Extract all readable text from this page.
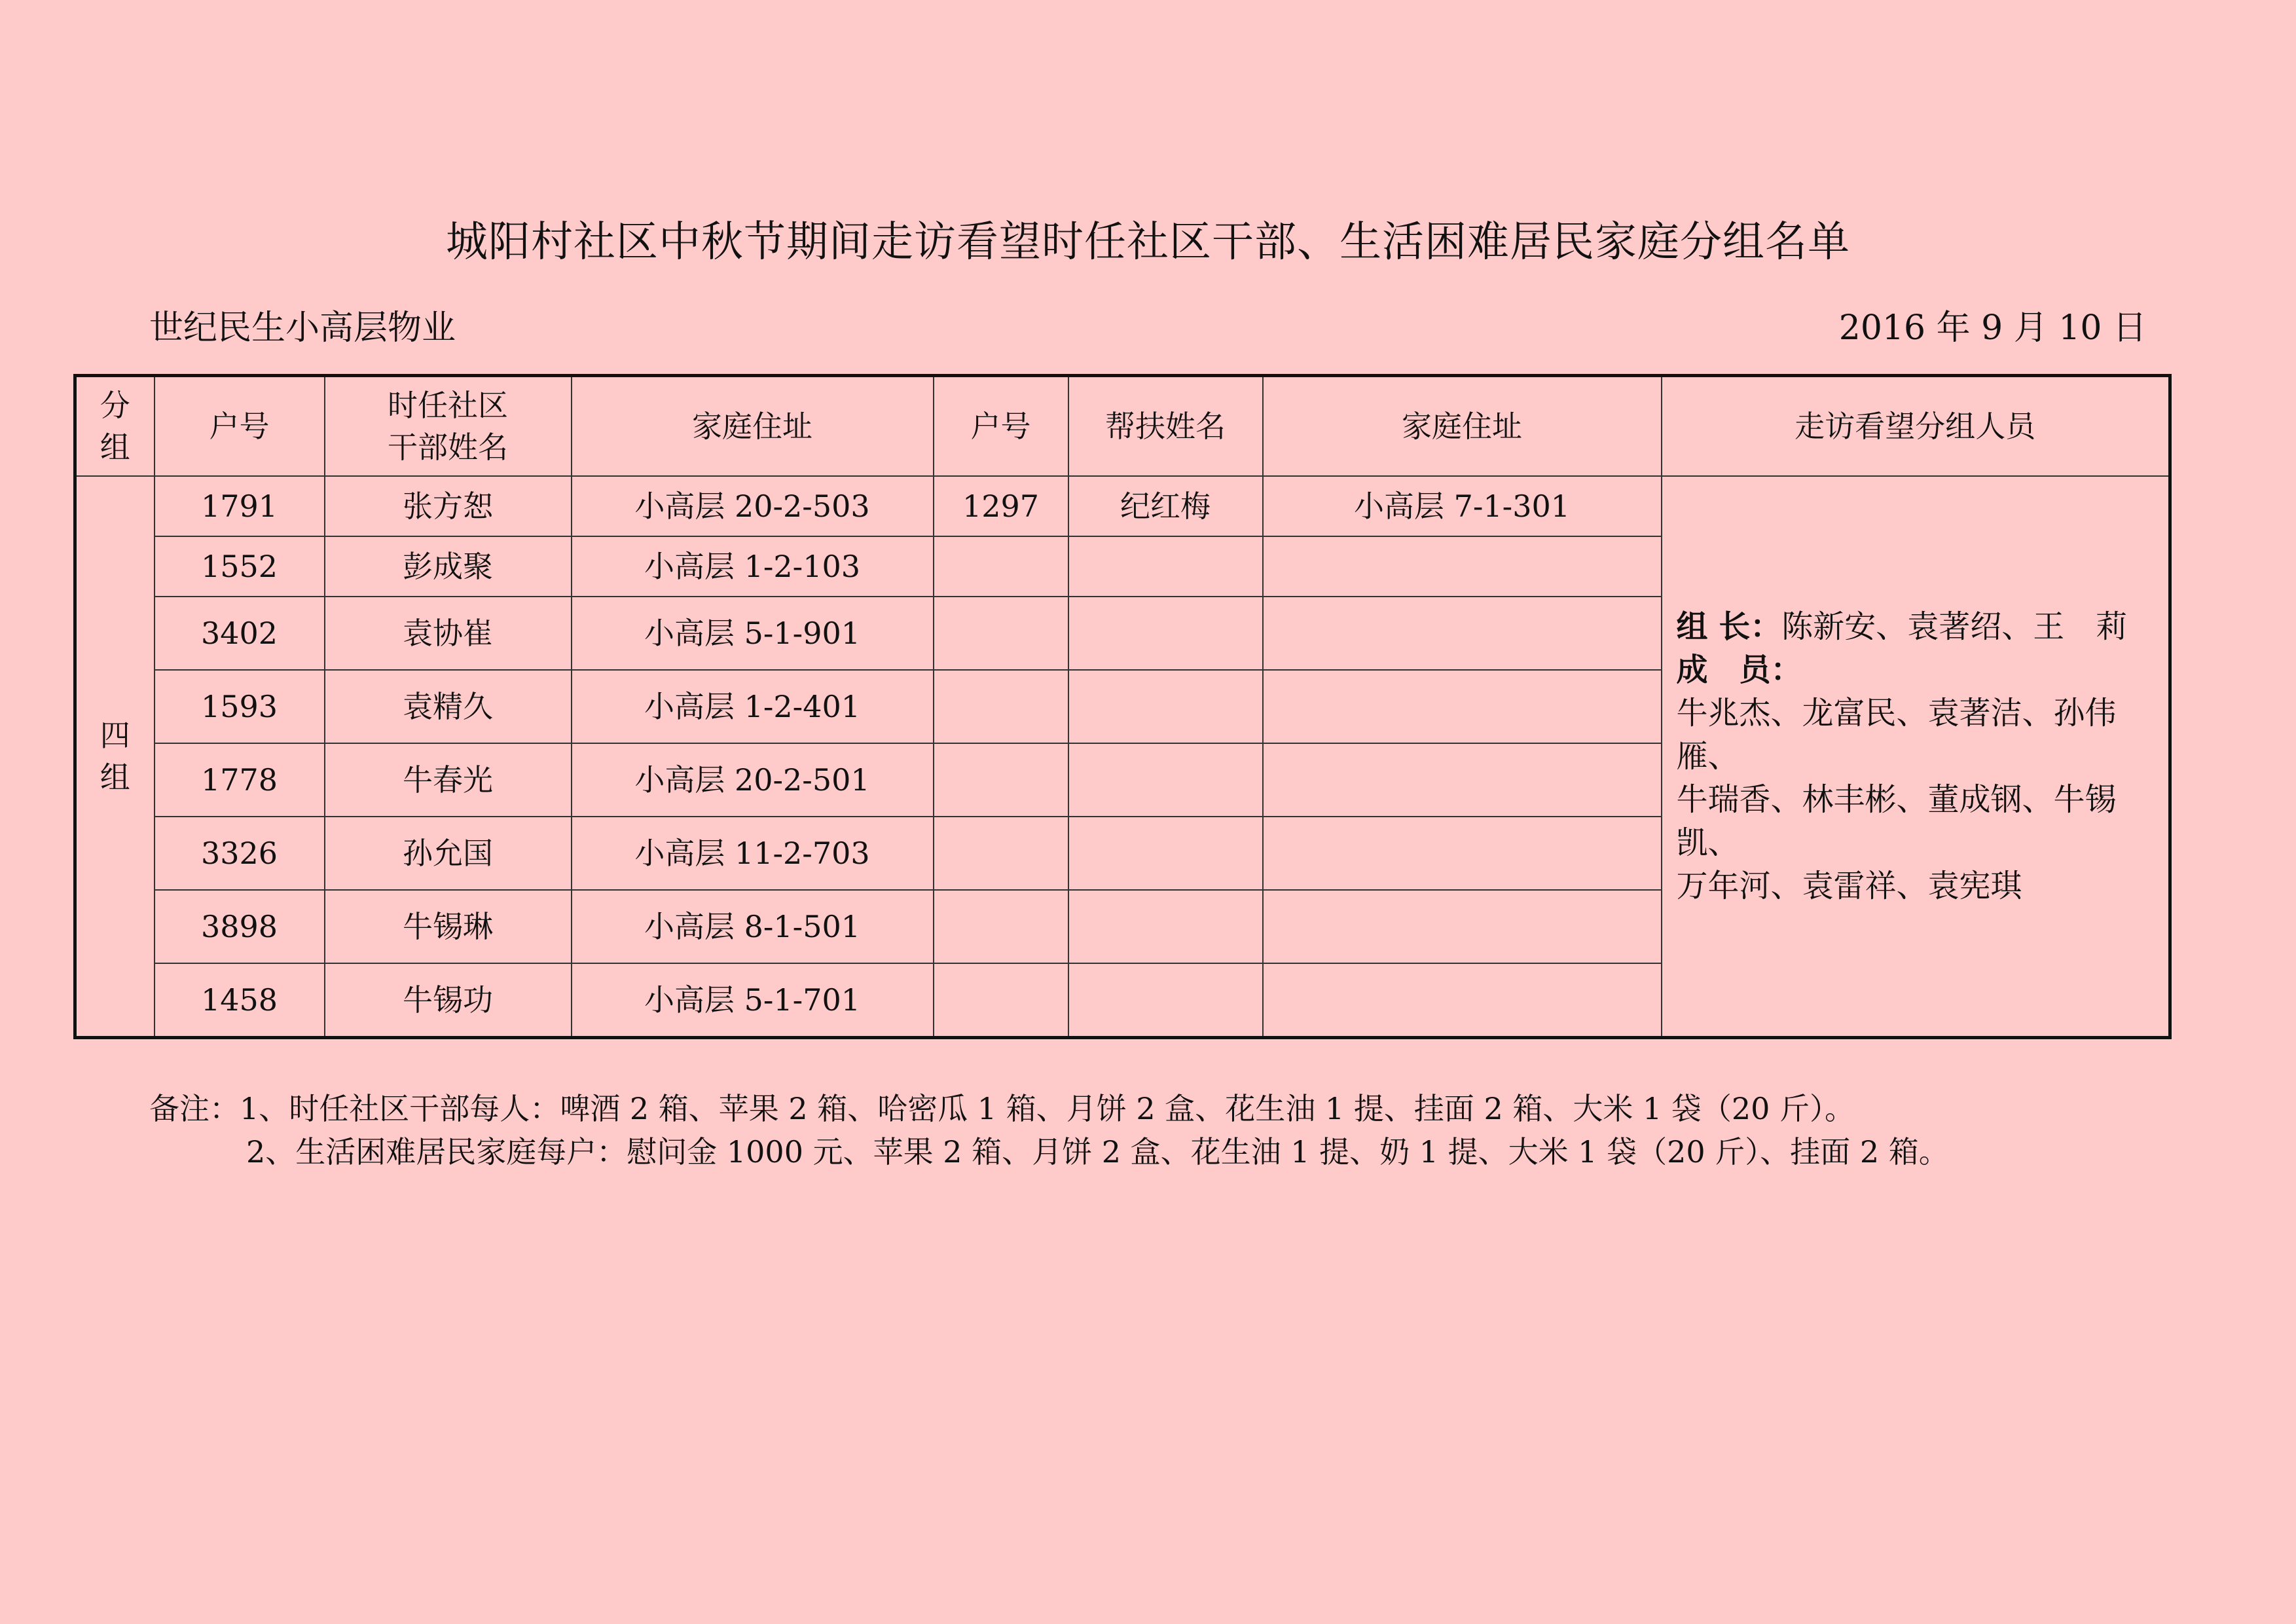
城阳村社区中秋节期间走访看望时任社区干部、生活困难居民家庭分组名单
世纪民生小高层物业	2016 年 9 月 10 日
分组	户号	时任社区干部姓名	家庭住址	户号	帮扶姓名	家庭住址	走访看望分组人员
四组	1791	张方恕	小高层 20-2-503	1297	纪红梅	小高层 7-1-301	组 长：陈新安、袁著绍、王　莉
成　员：
牛兆杰、龙富民、袁著洁、孙伟雁、
牛瑞香、林丰彬、董成钢、牛锡凯、
万年河、袁雷祥、袁宪琪

	1552	彭成聚	小高层 1-2-103				
	3402	袁协崔	小高层 5-1-901				
	1593	袁精久	小高层 1-2-401				
	1778	牛春光	小高层 20-2-501				
	3326	孙允国	小高层 11-2-703				
	3898	牛锡琳	小高层 8-1-501				
	1458	牛锡功	小高层 5-1-701				
备注：1、时任社区干部每人：啤酒 2 箱、苹果 2 箱、哈密瓜 1 箱、月饼 2 盒、花生油 1 提、挂面 2 箱、大米 1 袋（20 斤）。
2、生活困难居民家庭每户：慰问金 1000 元、苹果 2 箱、月饼 2 盒、花生油 1 提、奶 1 提、大米 1 袋（20 斤）、挂面 2 箱。
